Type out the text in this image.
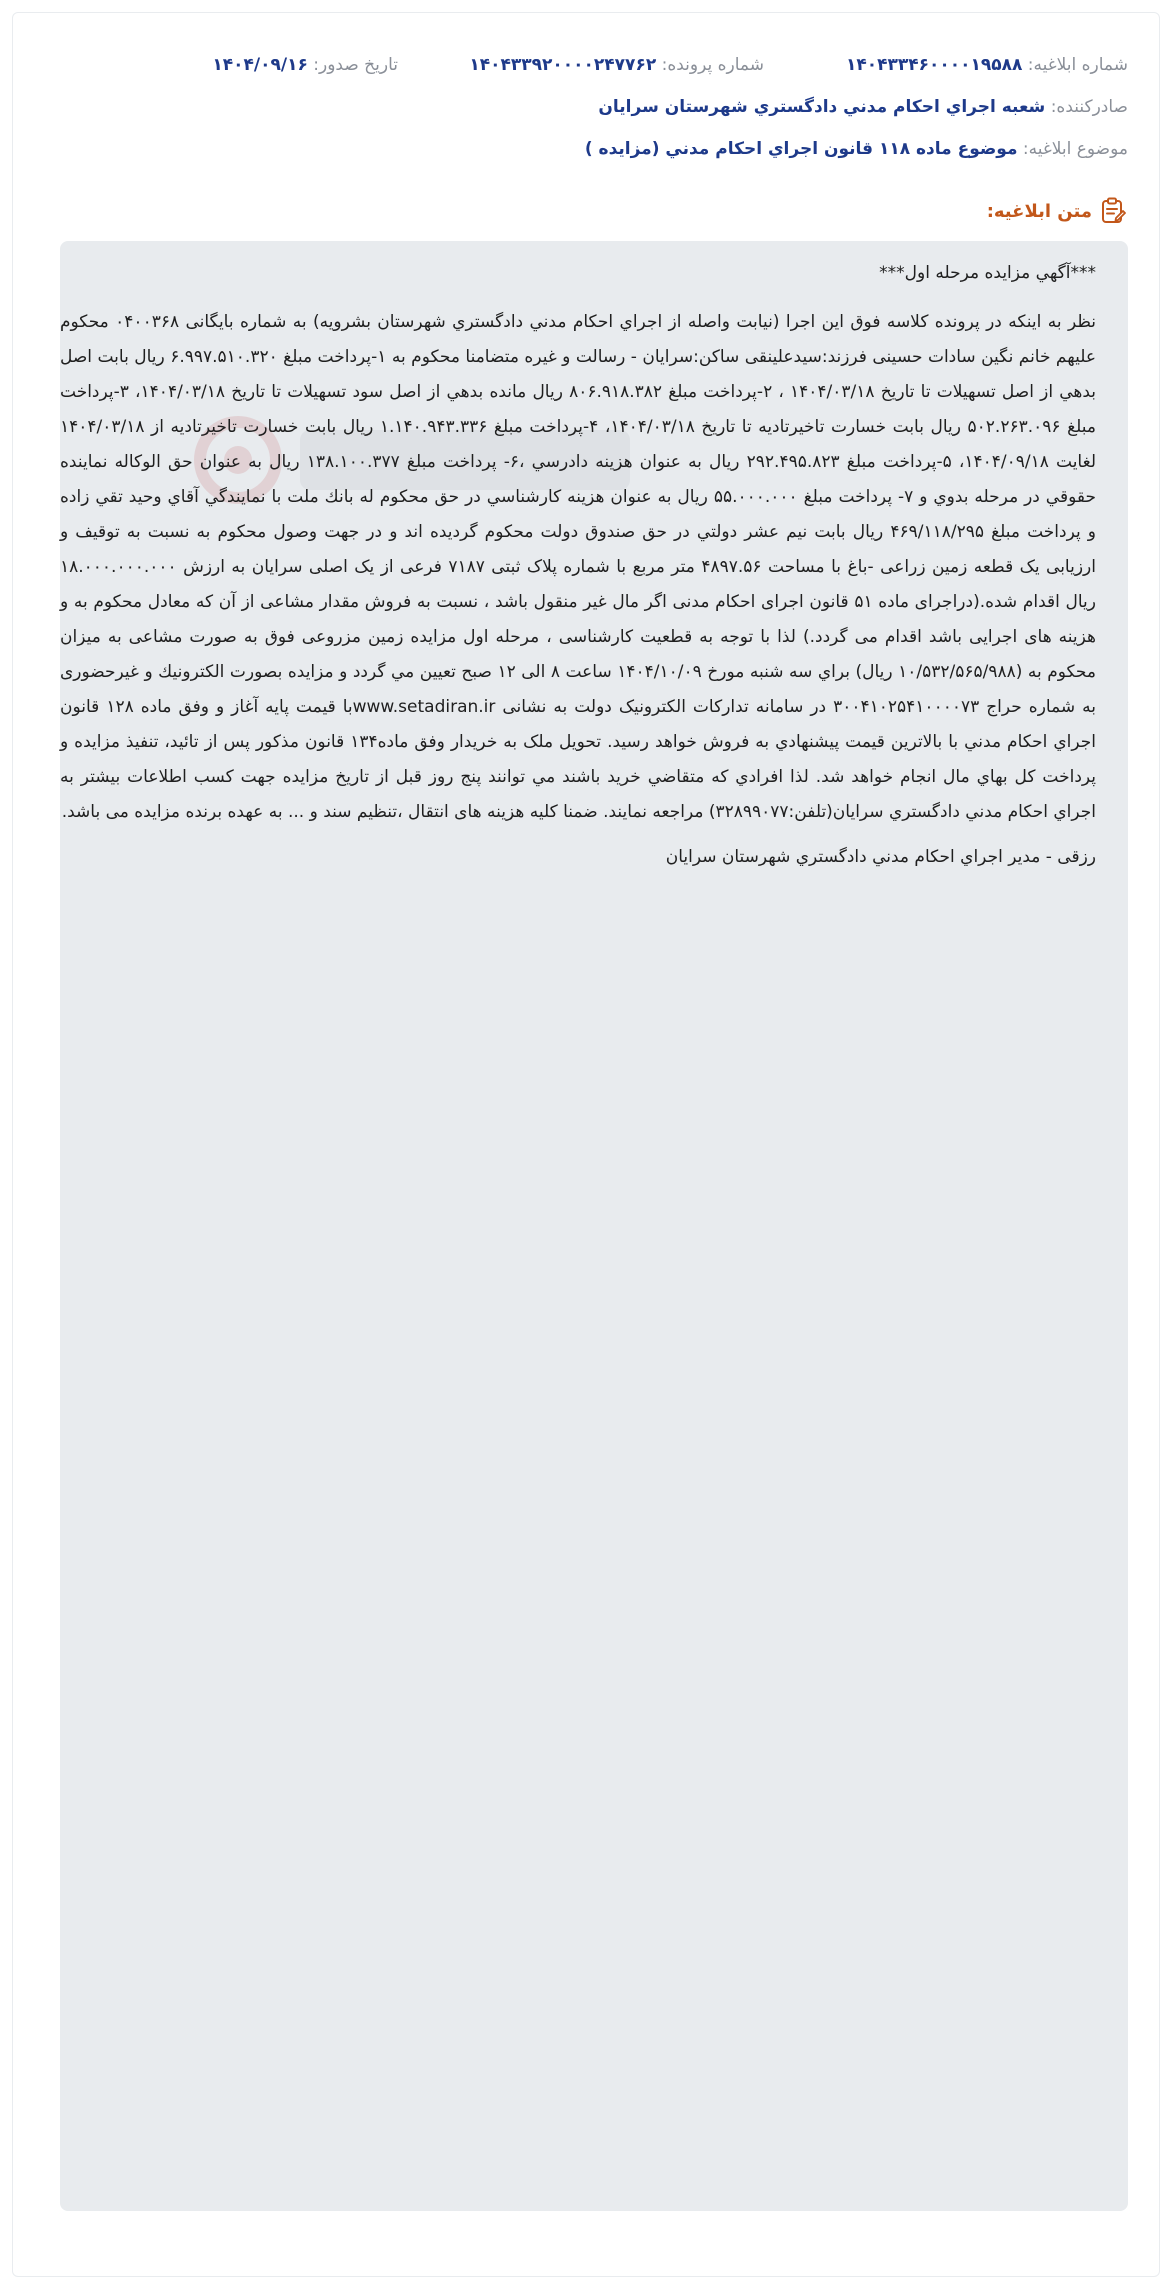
شماره ابلاغیه: ۱۴۰۴۳۳۴۶۰۰۰۰۱۹۵۸۸
شماره پرونده: ۱۴۰۴۳۳۹۲۰۰۰۰۲۴۷۷۶۲
تاریخ صدور: ۱۴۰۴/۰۹/۱۶
صادرکننده: شعبه اجراي احكام مدني دادگستري شهرستان سرايان
موضوع ابلاغیه: موضوع ماده ۱۱۸ قانون اجراي احكام مدني (مزايده )
متن ابلاغیه:

***آگهي مزايده مرحله اول***

نظر به اينكه در پرونده كلاسه فوق اين اجرا (نيابت واصله از اجراي احكام مدني دادگستري شهرستان بشرويه) به شماره بايگانی ۰۴۰۰۳۶۸ محكوم عليهم خانم نگين سادات حسينی فرزند:سيدعلينقی ساكن:سرايان - رسالت و غيره متضامنا محكوم به ۱-پرداخت مبلغ ۶.۹۹۷.۵۱۰.۳۲۰ ريال بابت اصل بدهي از اصل تسهيلات تا تاريخ ۱۴۰۴/۰۳/۱۸ ، ۲-پرداخت مبلغ ۸۰۶.۹۱۸.۳۸۲ ريال مانده بدهي از اصل سود تسهيلات تا تاريخ ۱۴۰۴/۰۳/۱۸، ۳-پرداخت مبلغ ۵۰۲.۲۶۳.۰۹۶ ريال بابت خسارت تاخيرتاديه تا تاريخ ۱۴۰۴/۰۳/۱۸، ۴-پرداخت مبلغ ۱.۱۴۰.۹۴۳.۳۳۶ ريال بابت خسارت تاخيرتاديه از ۱۴۰۴/۰۳/۱۸ لغايت ۱۴۰۴/۰۹/۱۸، ۵-پرداخت مبلغ ۲۹۲.۴۹۵.۸۲۳ ريال به عنوان هزينه دادرسي ،۶- پرداخت مبلغ ۱۳۸.۱۰۰.۳۷۷ ريال به عنوان حق الوكاله نماينده حقوقي در مرحله بدوي و ۷- پرداخت مبلغ ۵۵.۰۰۰.۰۰۰ ريال به عنوان هزينه كارشناسي در حق محكوم له بانك ملت با نمايندگي آقاي وحيد تقي زاده و پرداخت مبلغ ۴۶۹/۱۱۸/۲۹۵ ريال بابت نيم عشر دولتي در حق صندوق دولت محكوم گرديده اند و در جهت وصول محكوم به نسبت به توقيف و ارزيابی يک قطعه زمين زراعی -باغ با مساحت ۴۸۹۷.۵۶ متر مربع با شماره پلاک ثبتی ۷۱۸۷ فرعی از يک اصلی سرايان به ارزش ۱۸.۰۰۰.۰۰۰.۰۰۰ ريال اقدام شده.(دراجرای ماده ۵۱ قانون اجرای احکام مدنی اگر مال غير منقول باشد ، نسبت به فروش مقدار مشاعی از آن كه معادل محكوم به و هزينه های اجرايی باشد اقدام می گردد.) لذا با توجه به قطعيت كارشناسی ، مرحله اول مزايده زمين مزروعی فوق به صورت مشاعی به ميزان محكوم به (۱۰/۵۳۲/۵۶۵/۹۸۸ ريال) براي سه شنبه مورخ ۱۴۰۴/۱۰/۰۹ ساعت ۸ الی ۱۲ صبح تعيين مي گردد و مزايده بصورت الكترونيك و غيرحضوری به شماره حراج ۳۰۰۴۱۰۲۵۴۱۰۰۰۰۷۳ در سامانه تداركات الكترونيک دولت به نشانی www.setadiran.irبا قيمت پايه آغاز و وفق ماده ۱۲۸ قانون اجراي احكام مدني با بالاترين قيمت پيشنهادي به فروش خواهد رسيد. تحويل ملک به خريدار وفق ماده۱۳۴ قانون مذكور پس از تائيد، تنفيذ مزايده و پرداخت كل بهاي مال انجام خواهد شد. لذا افرادي كه متقاضي خريد باشند مي توانند پنج روز قبل از تاريخ مزايده جهت كسب اطلاعات بيشتر به اجراي احكام مدني دادگستري سرايان(تلفن:۳۲۸۹۹۰۷۷) مراجعه نمايند. ضمنا كليه هزينه های انتقال ،تنظيم سند و ... به عهده برنده مزايده می باشد.

رزقی - مدير اجراي احكام مدني دادگستري شهرستان سرايان
